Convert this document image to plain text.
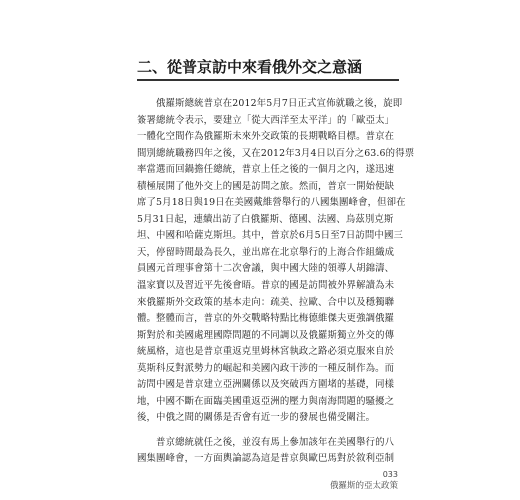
二、從普京訪中來看俄外交之意涵
　　俄羅斯總統普京在2012年5月7日正式宣佈就職之後，旋即
簽署總統令表示，要建立「從大西洋至太平洋」的「歐亞太」
一體化空間作為俄羅斯未來外交政策的長期戰略目標。普京在
間別總統職務四年之後，又在2012年3月4日以百分之63.6的得票
率當選而回鍋擔任總統，普京上任之後的一個月之內，遂迅速
積極展開了他外交上的國是訪問之旅。然而，普京一開始便缺
席了5月18日與19日在美國戴維營舉行的八國集團峰會，但卻在
5月31日起，連續出訪了白俄羅斯、德國、法國、烏茲別克斯
坦、中國和哈薩克斯坦。其中，普京於6月5日至7日訪問中國三
天，停留時間最為長久，並出席在北京舉行的上海合作組織成
員國元首理事會第十二次會議，與中國大陸的領導人胡錦濤、
溫家寶以及習近平先後會晤。普京的國是訪問被外界解讀為未
來俄羅斯外交政策的基本走向：疏美、拉歐、合中以及穩獨聯
體。整體而言，普京的外交戰略特點比梅德維傑夫更強調俄羅
斯對於和美國處理國際問題的不同調以及俄羅斯獨立外交的傳
統風格，這也是普京重返克里姆林宮執政之路必須克服來自於
莫斯科反對派勢力的崛起和美國內政干涉的一種反制作為。而
訪問中國是普京建立亞洲關係以及突破西方圍堵的基礎，同樣
地，中國不斷在面臨美國重返亞洲的壓力與南海問題的騷擾之
後，中俄之間的關係是否會有近一步的發展也備受關注。
　　普京總統就任之後，並沒有馬上參加該年在美國舉行的八
國集團峰會，一方面輿論認為這是普京與歐巴馬對於敘利亞制
033
俄羅斯的亞太政策
